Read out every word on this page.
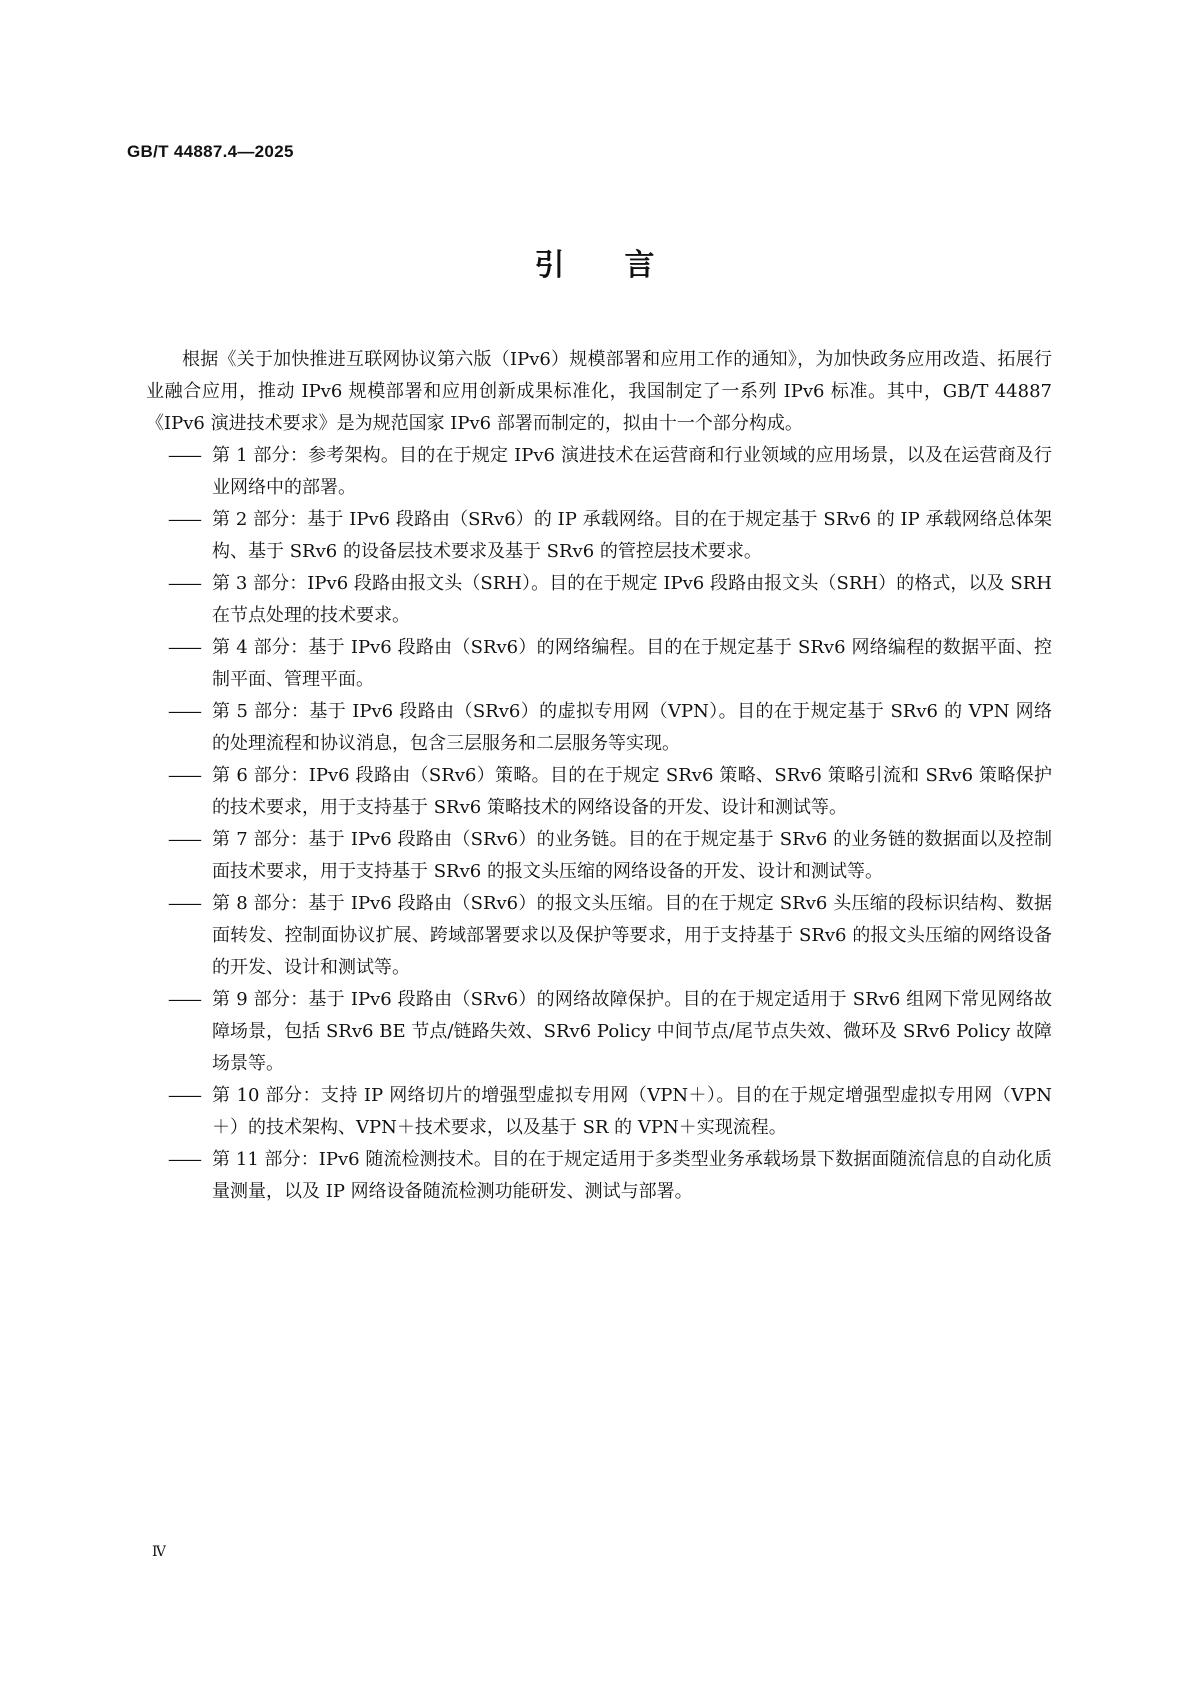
GB/T 44887.4—2025
引 言

根据《关于加快推进互联网协议第六版（IPv6）规模部署和应用工作的通知》，为加快政务应用改造、拓展行业融合应用，推动 IPv6 规模部署和应用创新成果标准化，我国制定了一系列 IPv6 标准。其中，GB/T 44887《IPv6 演进技术要求》是为规范国家 IPv6 部署而制定的，拟由十一个部分构成。

—— 第 1 部分：参考架构。目的在于规定 IPv6 演进技术在运营商和行业领域的应用场景，以及在运营商及行业网络中的部署。

—— 第 2 部分：基于 IPv6 段路由（SRv6）的 IP 承载网络。目的在于规定基于 SRv6 的 IP 承载网络总体架构、基于 SRv6 的设备层技术要求及基于 SRv6 的管控层技术要求。

—— 第 3 部分：IPv6 段路由报文头（SRH）。目的在于规定 IPv6 段路由报文头（SRH）的格式，以及 SRH 在节点处理的技术要求。

—— 第 4 部分：基于 IPv6 段路由（SRv6）的网络编程。目的在于规定基于 SRv6 网络编程的数据平面、控制平面、管理平面。

—— 第 5 部分：基于 IPv6 段路由（SRv6）的虚拟专用网（VPN）。目的在于规定基于 SRv6 的 VPN 网络的处理流程和协议消息，包含三层服务和二层服务等实现。

—— 第 6 部分：IPv6 段路由（SRv6）策略。目的在于规定 SRv6 策略、SRv6 策略引流和 SRv6 策略保护的技术要求，用于支持基于 SRv6 策略技术的网络设备的开发、设计和测试等。

—— 第 7 部分：基于 IPv6 段路由（SRv6）的业务链。目的在于规定基于 SRv6 的业务链的数据面以及控制面技术要求，用于支持基于 SRv6 的报文头压缩的网络设备的开发、设计和测试等。

—— 第 8 部分：基于 IPv6 段路由（SRv6）的报文头压缩。目的在于规定 SRv6 头压缩的段标识结构、数据面转发、控制面协议扩展、跨域部署要求以及保护等要求，用于支持基于 SRv6 的报文头压缩的网络设备的开发、设计和测试等。

—— 第 9 部分：基于 IPv6 段路由（SRv6）的网络故障保护。目的在于规定适用于 SRv6 组网下常见网络故障场景，包括 SRv6 BE 节点/链路失效、SRv6 Policy 中间节点/尾节点失效、微环及 SRv6 Policy 故障场景等。

—— 第 10 部分：支持 IP 网络切片的增强型虚拟专用网（VPN＋）。目的在于规定增强型虚拟专用网（VPN＋）的技术架构、VPN＋技术要求，以及基于 SR 的 VPN＋实现流程。

—— 第 11 部分：IPv6 随流检测技术。目的在于规定适用于多类型业务承载场景下数据面随流信息的自动化质量测量，以及 IP 网络设备随流检测功能研发、测试与部署。

Ⅳ
